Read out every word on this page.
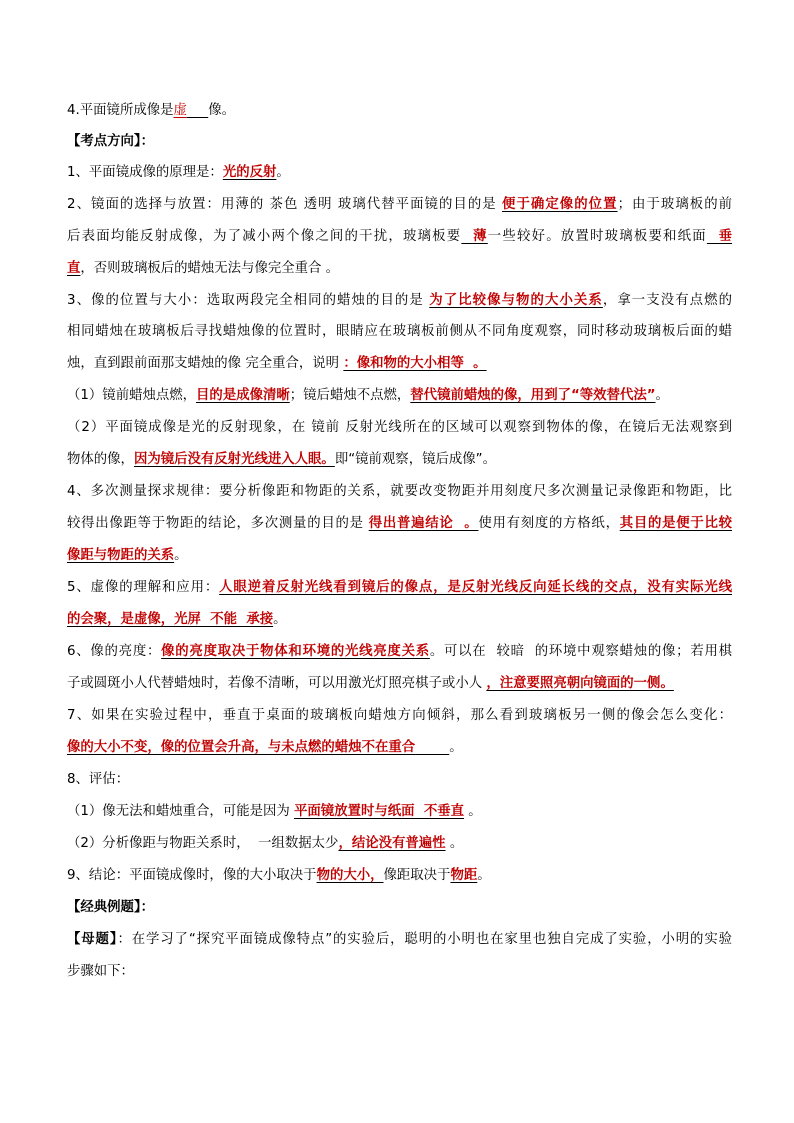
4.平面镜所成像是虚 像。
【考点方向】：
1、平面镜成像的原理是：光的反射。
2、镜面的选择与放置：用薄的 茶色 透明 玻璃代替平面镜的目的是 便于确定像的位置；由于玻璃板的前
后表面均能反射成像，为了减小两个像之间的干扰，玻璃板要  薄一些较好。放置时玻璃板要和纸面  垂
直，否则玻璃板后的蜡烛无法与像完全重合 。
3、像的位置与大小：选取两段完全相同的蜡烛的目的是 为了比较像与物的大小关系，拿一支没有点燃的
相同蜡烛在玻璃板后寻找蜡烛像的位置时，眼睛应在玻璃板前侧从不同角度观察，同时移动玻璃板后面的蜡
烛，直到跟前面那支蜡烛的像 完全重合，说明 ：像和物的大小相等  。
（1）镜前蜡烛点燃，目的是成像清晰；镜后蜡烛不点燃，替代镜前蜡烛的像，用到了“等效替代法”。
（2）平面镜成像是光的反射现象，在 镜前 反射光线所在的区域可以观察到物体的像，在镜后无法观察到
物体的像，因为镜后没有反射光线进入人眼。即“镜前观察，镜后成像”。
4、多次测量探求规律：要分析像距和物距的关系，就要改变物距并用刻度尺多次测量记录像距和物距，比
较得出像距等于物距的结论，多次测量的目的是 得出普遍结论  。使用有刻度的方格纸，其目的是便于比较
像距与物距的关系。
5、虚像的理解和应用：人眼逆着反射光线看到镜后的像点，是反射光线反向延长线的交点，没有实际光线
的会聚，是虚像，光屏  不能  承接。
6、像的亮度：像的亮度取决于物体和环境的光线亮度关系。可以在  较暗  的环境中观察蜡烛的像；若用棋
子或圆斑小人代替蜡烛时，若像不清晰，可以用激光灯照亮棋子或小人 ，注意要照亮朝向镜面的一侧。
7、如果在实验过程中，垂直于桌面的玻璃板向蜡烛方向倾斜，那么看到玻璃板另一侧的像会怎么变化：
像的大小不变，像的位置会升高，与未点燃的蜡烛不在重合	。
8、评估：
（1）像无法和蜡烛重合，可能是因为 平面镜放置时与纸面  不垂直 。
（2）分析像距与物距关系时，  一组数据太少，结论没有普遍性 。
9、结论：平面镜成像时，像的大小取决于物的大小，像距取决于物距。
【经典例题】：
【母题】：在学习了“探究平面镜成像特点”的实验后，聪明的小明也在家里也独自完成了实验，小明的实验
步骤如下：
